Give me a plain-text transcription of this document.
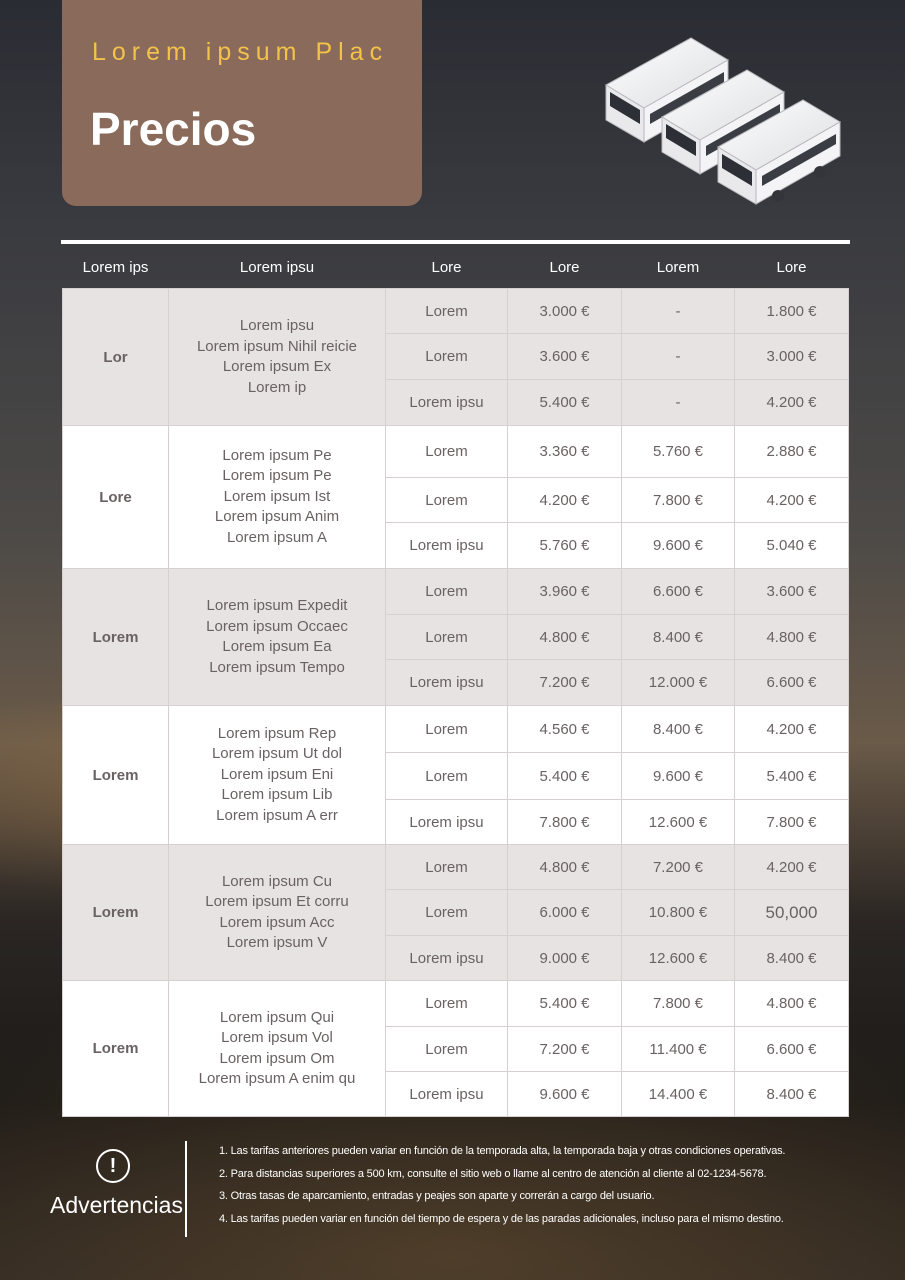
Lorem ipsum Plac
Precios
Lorem ips	Lorem ipsu	Lore	Lore	Lorem	Lore
Lor	Lorem ipsu
Lorem ipsum Nihil reicie
Lorem ipsum Ex
Lorem ip	Lorem	3.000 €	-	1.800 €
		Lorem	3.600 €	-	3.000 €
		Lorem ipsu	5.400 €	-	4.200 €
Lore	Lorem ipsum Pe
Lorem ipsum Pe
Lorem ipsum Ist
Lorem ipsum Anim
Lorem ipsum A	Lorem	3.360 €	5.760 €	2.880 €
		Lorem	4.200 €	7.800 €	4.200 €
		Lorem ipsu	5.760 €	9.600 €	5.040 €
Lorem	Lorem ipsum Expedit
Lorem ipsum Occaec
Lorem ipsum Ea
Lorem ipsum Tempo	Lorem	3.960 €	6.600 €	3.600 €
		Lorem	4.800 €	8.400 €	4.800 €
		Lorem ipsu	7.200 €	12.000 €	6.600 €
Lorem	Lorem ipsum Rep
Lorem ipsum Ut dol
Lorem ipsum Eni
Lorem ipsum Lib
Lorem ipsum A err	Lorem	4.560 €	8.400 €	4.200 €
		Lorem	5.400 €	9.600 €	5.400 €
		Lorem ipsu	7.800 €	12.600 €	7.800 €
Lorem	Lorem ipsum Cu
Lorem ipsum Et corru
Lorem ipsum Acc
Lorem ipsum V	Lorem	4.800 €	7.200 €	4.200 €
		Lorem	6.000 €	10.800 €	50,000
		Lorem ipsu	9.000 €	12.600 €	8.400 €
Lorem	Lorem ipsum Qui
Lorem ipsum Vol
Lorem ipsum Om
Lorem ipsum A enim qu	Lorem	5.400 €	7.800 €	4.800 €
		Lorem	7.200 €	11.400 €	6.600 €
		Lorem ipsu	9.600 €	14.400 €	8.400 €
!
Advertencias
1. Las tarifas anteriores pueden variar en función de la temporada alta, la temporada baja y otras condiciones operativas.
2. Para distancias superiores a 500 km, consulte el sitio web o llame al centro de atención al cliente al 02-1234-5678.
3. Otras tasas de aparcamiento, entradas y peajes son aparte y correrán a cargo del usuario.
4. Las tarifas pueden variar en función del tiempo de espera y de las paradas adicionales, incluso para el mismo destino.
